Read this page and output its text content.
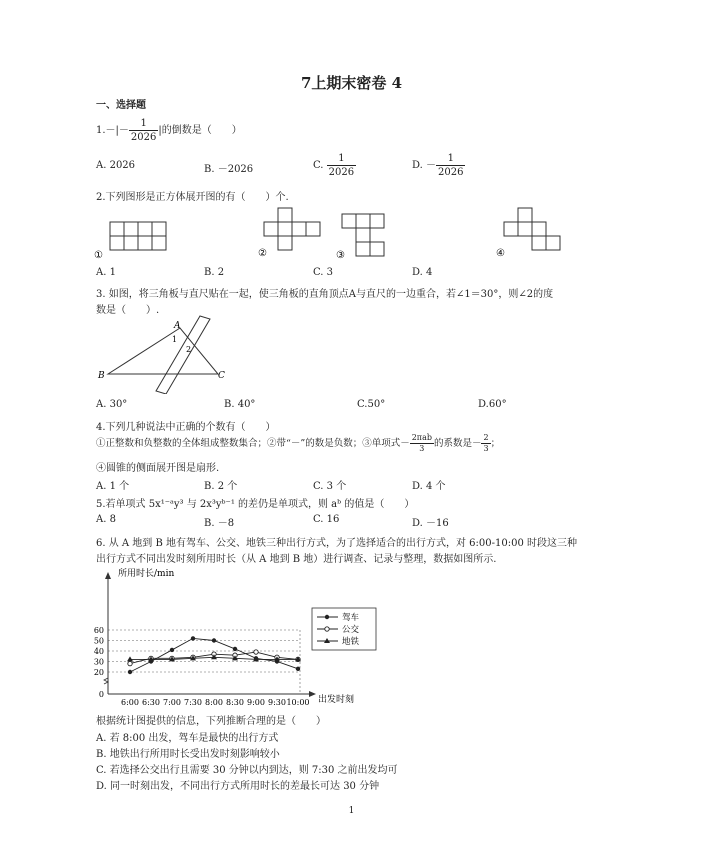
7上期末密卷 4
一、选择题
$1.-|- \frac{1}{2026}$ |的倒数是（　　）
A. 2026	B. －2026	C. $\frac{1}{2026}$	D. － $\frac{1}{2026}$
2.下列图形是正方体展开图的有（　　）个.
①	②	③	④
A. 1	B. 2	C. 3	D. 4
3. 如图，将三角板与直尺贴在一起，使三角板的直角顶点A与直尺的一边重合，若∠1＝30°，则∠2的度
数是（　　）.
A
B	C
1
2
A. 30°	B. 40°	C.50°	D.60°
4.下列几种说法中正确的个数有（　　）
①正整数和负整数的全体组成整数集合；②带“－”的数是负数；③单项式－ $\frac{\text{2πab}}{3}$ 的系数是－ $\frac{2}{3}$ ；
④圆锥的侧面展开图是扇形.
A. 1 个	B. 2 个	C. 3 个	D. 4 个
5.若单项式 5x¹⁻ᵃy³ 与 2x³yᵇ⁻¹ 的差仍是单项式，则 aᵇ 的值是（　　）
A. 8	B. －8	C. 16	D. －16
6. 从 A 地到 B 地有驾车、公交、地铁三种出行方式，为了选择适合的出行方式，对 6:00-10:00 时段这三种
出行方式不同出发时刻所用时长（从 A 地到 B 地）进行调查、记录与整理，数据如图所示.
0
20
30
40
50
60
6:00 6:30 7:00 7:30 8:00 8:30 9:00 9:30 10:00
所用时长/min
出发时刻
驾车
公交
地铁
根据统计图提供的信息，下列推断合理的是（　　）
A. 若 8:00 出发，驾车是最快的出行方式
B. 地铁出行所用时长受出发时刻影响较小
C. 若选择公交出行且需要 30 分钟以内到达，则 7:30 之前出发均可
D. 同一时刻出发，不同出行方式所用时长的差最长可达 30 分钟
1
